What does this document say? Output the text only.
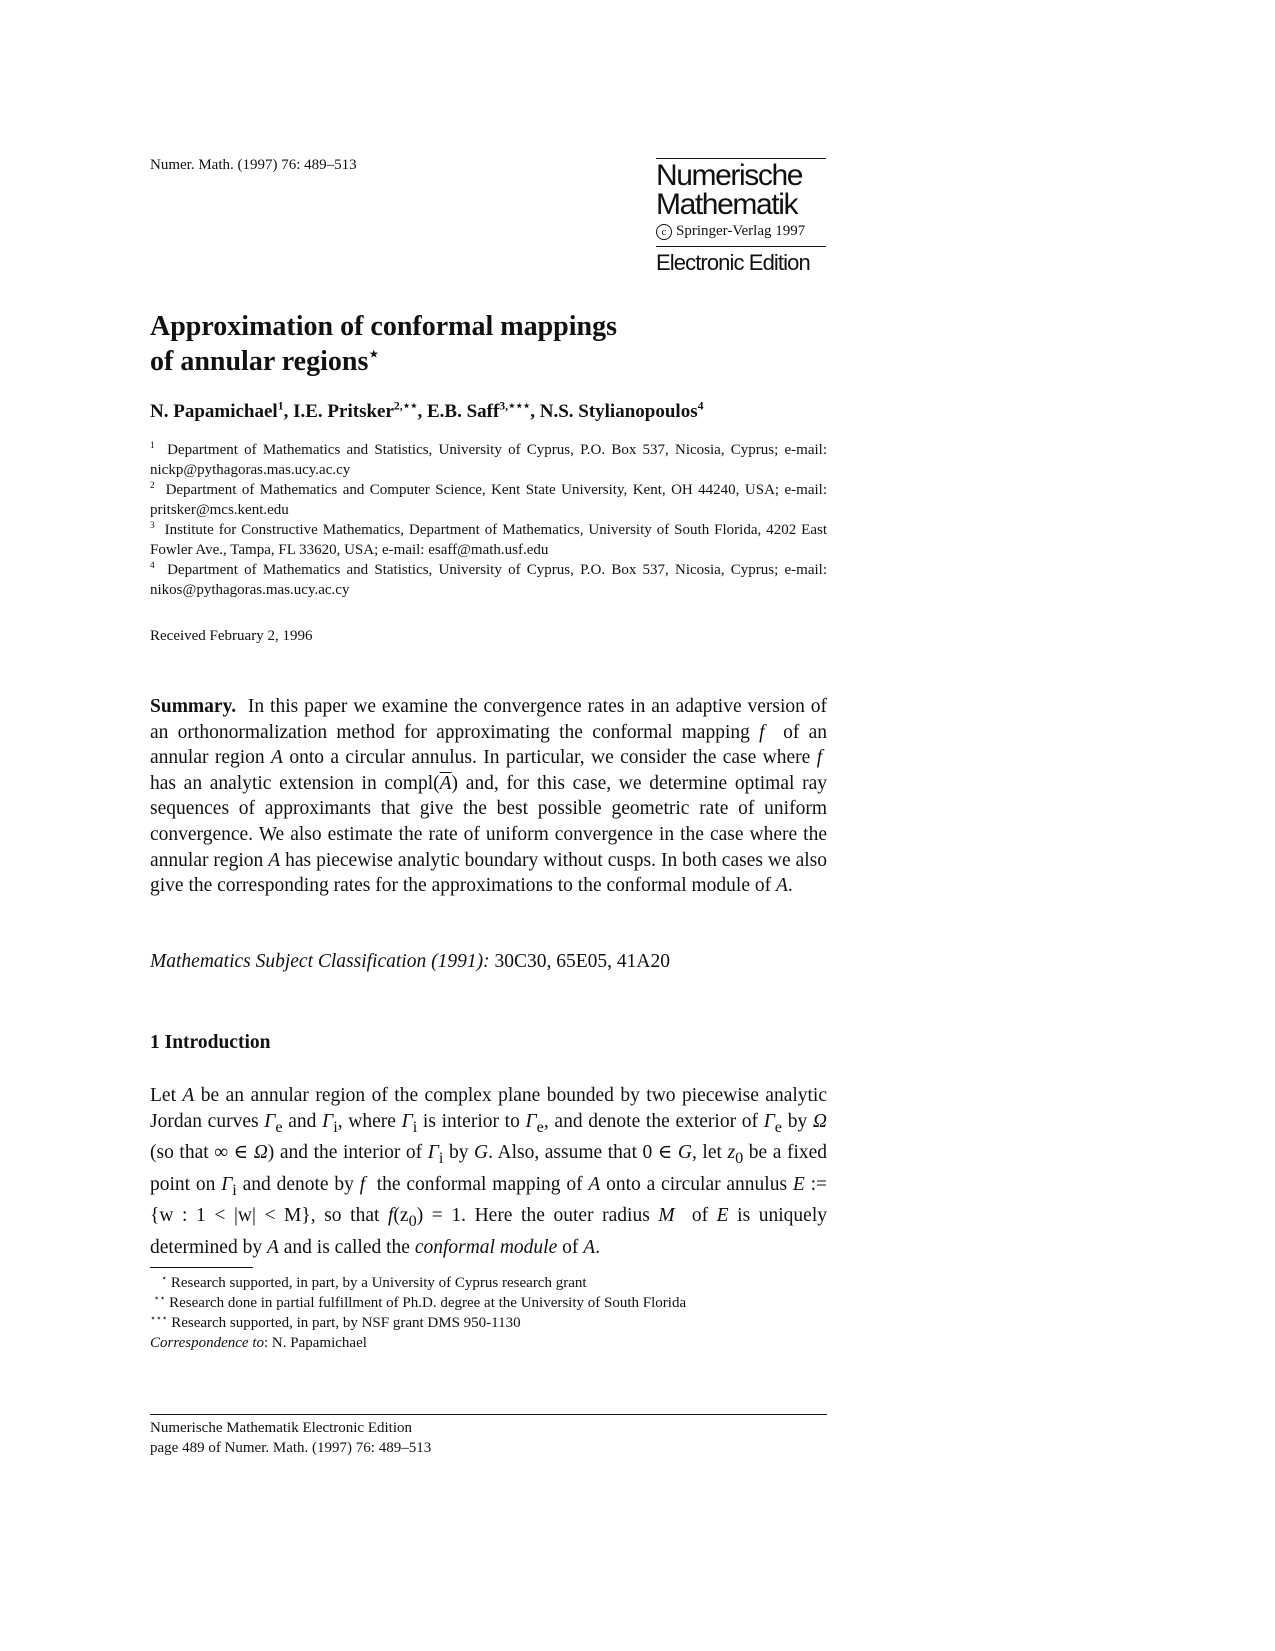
Numer. Math. (1997) 76: 489–513	Numerische
Mathematik
c Springer-Verlag 1997
Electronic Edition
Approximation of conformal mappings
of annular regions⋆
N. Papamichael$^1$, I.E. Pritsker$^{2,⋆⋆}$, E.B. Saff$^{3,⋆⋆⋆}$, N.S. Stylianopoulos$^4$
$^1$ Department of Mathematics and Statistics, University of Cyprus, P.O. Box 537, Nicosia, Cyprus; e-mail: nickp@pythagoras.mas.ucy.ac.cy
$^2$ Department of Mathematics and Computer Science, Kent State University, Kent, OH 44240, USA; e-mail: pritsker@mcs.kent.edu
$^3$ Institute for Constructive Mathematics, Department of Mathematics, University of South Florida, 4202 East Fowler Ave., Tampa, FL 33620, USA; e-mail: esaff@math.usf.edu
$^4$ Department of Mathematics and Statistics, University of Cyprus, P.O. Box 537, Nicosia, Cyprus; e-mail: nikos@pythagoras.mas.ucy.ac.cy
Received February 2, 1996
Summary. In this paper we examine the convergence rates in an adaptive version of an orthonormalization method for approximating the conformal mapping f of an annular region A onto a circular annulus. In particular, we consider the case where f  has an analytic extension in $compl(\overline{A})$ and, for this case, we determine optimal ray sequences of approximants that give the best possible geometric rate of uniform convergence. We also estimate the rate of uniform convergence in the case where the annular region A has piecewise analytic boundary without cusps. In both cases we also give the corresponding rates for the approximations to the conformal module of A.
Mathematics Subject Classification (1991): 30C30, 65E05, 41A20
1 Introduction
Let A be an annular region of the complex plane bounded by two piecewise analytic Jordan curves $\Gamma_e$ and $\Gamma_i$, where $\Gamma_i$ is interior to $\Gamma_e$, and denote the exterior of $\Gamma_e$ by Ω (so that ∞ ∈ Ω) and the interior of $\Gamma_i$ by G. Also, assume that 0 ∈ G, let $z_0$ be a fixed point on $\Gamma_i$ and denote by f the conformal mapping of A onto a circular annulus E := {w : 1 < |w| < M}, so that $f(z_0) = 1$. Here the outer radius M of E is uniquely determined by A and is called the conformal module of A.
⋆ Research supported, in part, by a University of Cyprus research grant
⋆⋆ Research done in partial fulfillment of Ph.D. degree at the University of South Florida
⋆⋆⋆ Research supported, in part, by NSF grant DMS 950-1130
Correspondence to: N. Papamichael
Numerische Mathematik Electronic Edition
page 489 of Numer. Math. (1997) 76: 489–513
